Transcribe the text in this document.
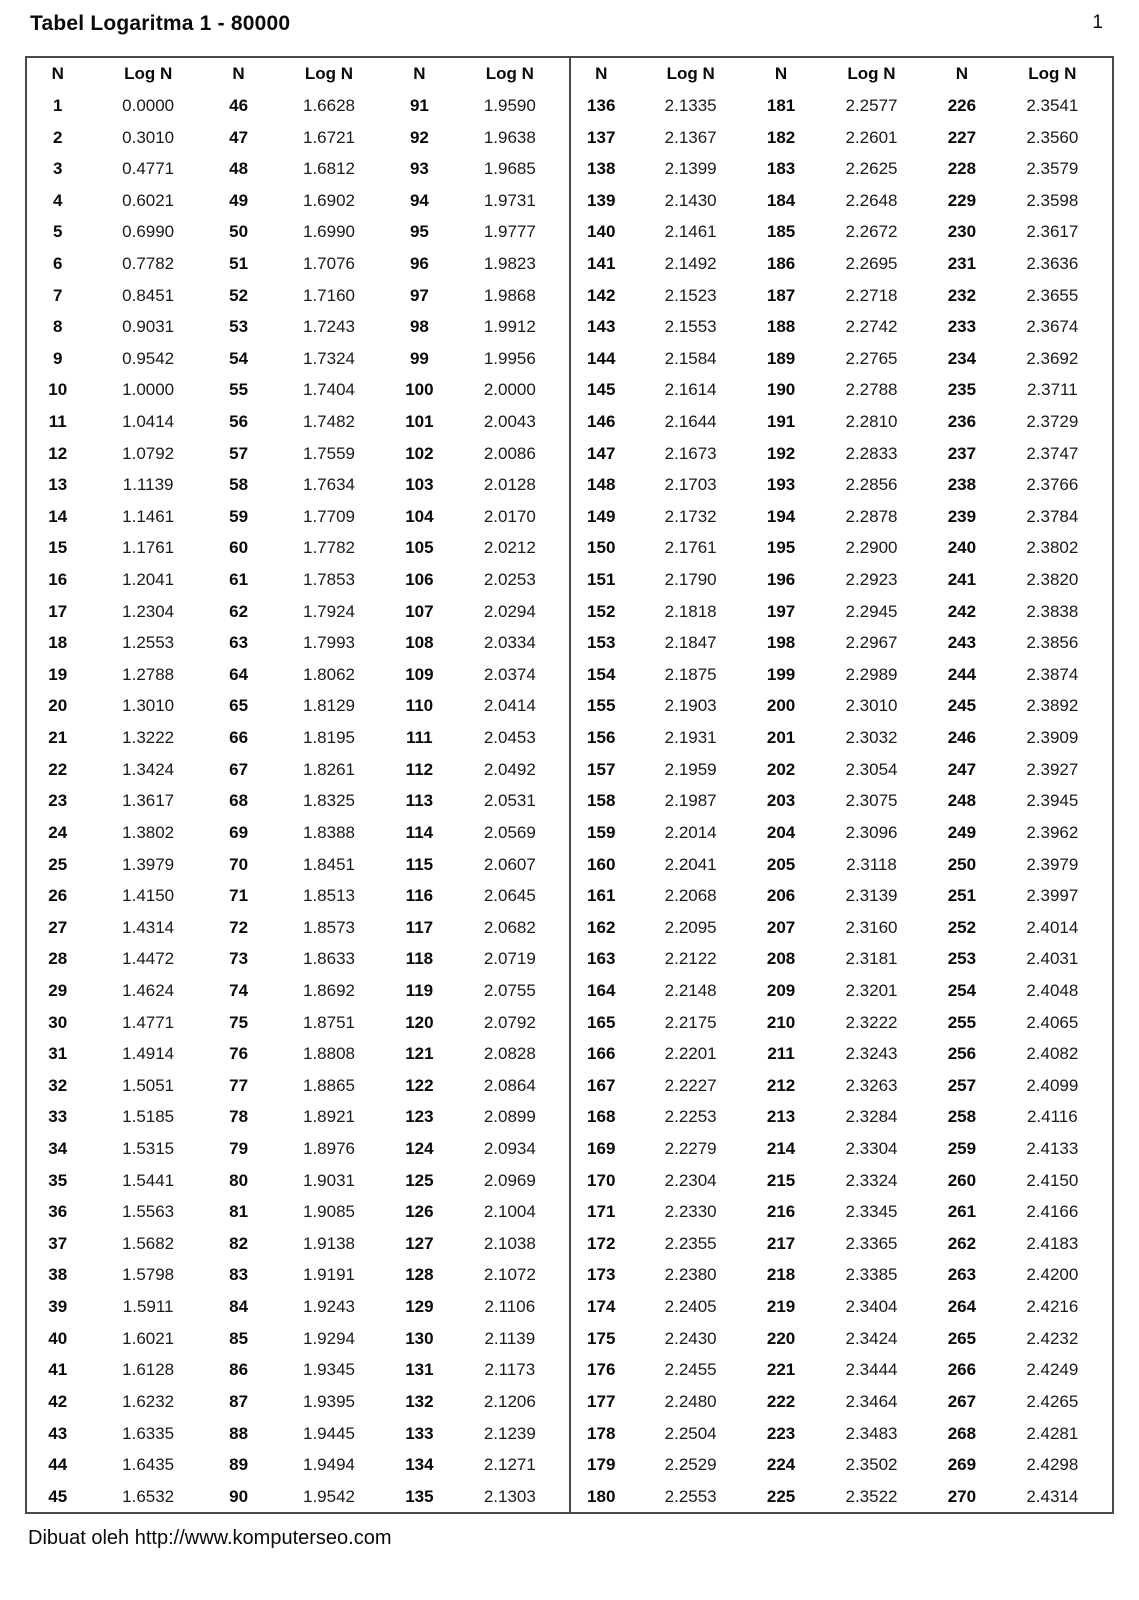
Tabel Logaritma 1 - 80000	1
N	Log N	N	Log N	N	Log N	N	Log N	N	Log N	N	Log N
1	0.0000	46	1.6628	91	1.9590	136	2.1335	181	2.2577	226	2.3541
2	0.3010	47	1.6721	92	1.9638	137	2.1367	182	2.2601	227	2.3560
3	0.4771	48	1.6812	93	1.9685	138	2.1399	183	2.2625	228	2.3579
4	0.6021	49	1.6902	94	1.9731	139	2.1430	184	2.2648	229	2.3598
5	0.6990	50	1.6990	95	1.9777	140	2.1461	185	2.2672	230	2.3617
6	0.7782	51	1.7076	96	1.9823	141	2.1492	186	2.2695	231	2.3636
7	0.8451	52	1.7160	97	1.9868	142	2.1523	187	2.2718	232	2.3655
8	0.9031	53	1.7243	98	1.9912	143	2.1553	188	2.2742	233	2.3674
9	0.9542	54	1.7324	99	1.9956	144	2.1584	189	2.2765	234	2.3692
10	1.0000	55	1.7404	100	2.0000	145	2.1614	190	2.2788	235	2.3711
11	1.0414	56	1.7482	101	2.0043	146	2.1644	191	2.2810	236	2.3729
12	1.0792	57	1.7559	102	2.0086	147	2.1673	192	2.2833	237	2.3747
13	1.1139	58	1.7634	103	2.0128	148	2.1703	193	2.2856	238	2.3766
14	1.1461	59	1.7709	104	2.0170	149	2.1732	194	2.2878	239	2.3784
15	1.1761	60	1.7782	105	2.0212	150	2.1761	195	2.2900	240	2.3802
16	1.2041	61	1.7853	106	2.0253	151	2.1790	196	2.2923	241	2.3820
17	1.2304	62	1.7924	107	2.0294	152	2.1818	197	2.2945	242	2.3838
18	1.2553	63	1.7993	108	2.0334	153	2.1847	198	2.2967	243	2.3856
19	1.2788	64	1.8062	109	2.0374	154	2.1875	199	2.2989	244	2.3874
20	1.3010	65	1.8129	110	2.0414	155	2.1903	200	2.3010	245	2.3892
21	1.3222	66	1.8195	111	2.0453	156	2.1931	201	2.3032	246	2.3909
22	1.3424	67	1.8261	112	2.0492	157	2.1959	202	2.3054	247	2.3927
23	1.3617	68	1.8325	113	2.0531	158	2.1987	203	2.3075	248	2.3945
24	1.3802	69	1.8388	114	2.0569	159	2.2014	204	2.3096	249	2.3962
25	1.3979	70	1.8451	115	2.0607	160	2.2041	205	2.3118	250	2.3979
26	1.4150	71	1.8513	116	2.0645	161	2.2068	206	2.3139	251	2.3997
27	1.4314	72	1.8573	117	2.0682	162	2.2095	207	2.3160	252	2.4014
28	1.4472	73	1.8633	118	2.0719	163	2.2122	208	2.3181	253	2.4031
29	1.4624	74	1.8692	119	2.0755	164	2.2148	209	2.3201	254	2.4048
30	1.4771	75	1.8751	120	2.0792	165	2.2175	210	2.3222	255	2.4065
31	1.4914	76	1.8808	121	2.0828	166	2.2201	211	2.3243	256	2.4082
32	1.5051	77	1.8865	122	2.0864	167	2.2227	212	2.3263	257	2.4099
33	1.5185	78	1.8921	123	2.0899	168	2.2253	213	2.3284	258	2.4116
34	1.5315	79	1.8976	124	2.0934	169	2.2279	214	2.3304	259	2.4133
35	1.5441	80	1.9031	125	2.0969	170	2.2304	215	2.3324	260	2.4150
36	1.5563	81	1.9085	126	2.1004	171	2.2330	216	2.3345	261	2.4166
37	1.5682	82	1.9138	127	2.1038	172	2.2355	217	2.3365	262	2.4183
38	1.5798	83	1.9191	128	2.1072	173	2.2380	218	2.3385	263	2.4200
39	1.5911	84	1.9243	129	2.1106	174	2.2405	219	2.3404	264	2.4216
40	1.6021	85	1.9294	130	2.1139	175	2.2430	220	2.3424	265	2.4232
41	1.6128	86	1.9345	131	2.1173	176	2.2455	221	2.3444	266	2.4249
42	1.6232	87	1.9395	132	2.1206	177	2.2480	222	2.3464	267	2.4265
43	1.6335	88	1.9445	133	2.1239	178	2.2504	223	2.3483	268	2.4281
44	1.6435	89	1.9494	134	2.1271	179	2.2529	224	2.3502	269	2.4298
45	1.6532	90	1.9542	135	2.1303	180	2.2553	225	2.3522	270	2.4314
Dibuat oleh http://www.komputerseo.com
